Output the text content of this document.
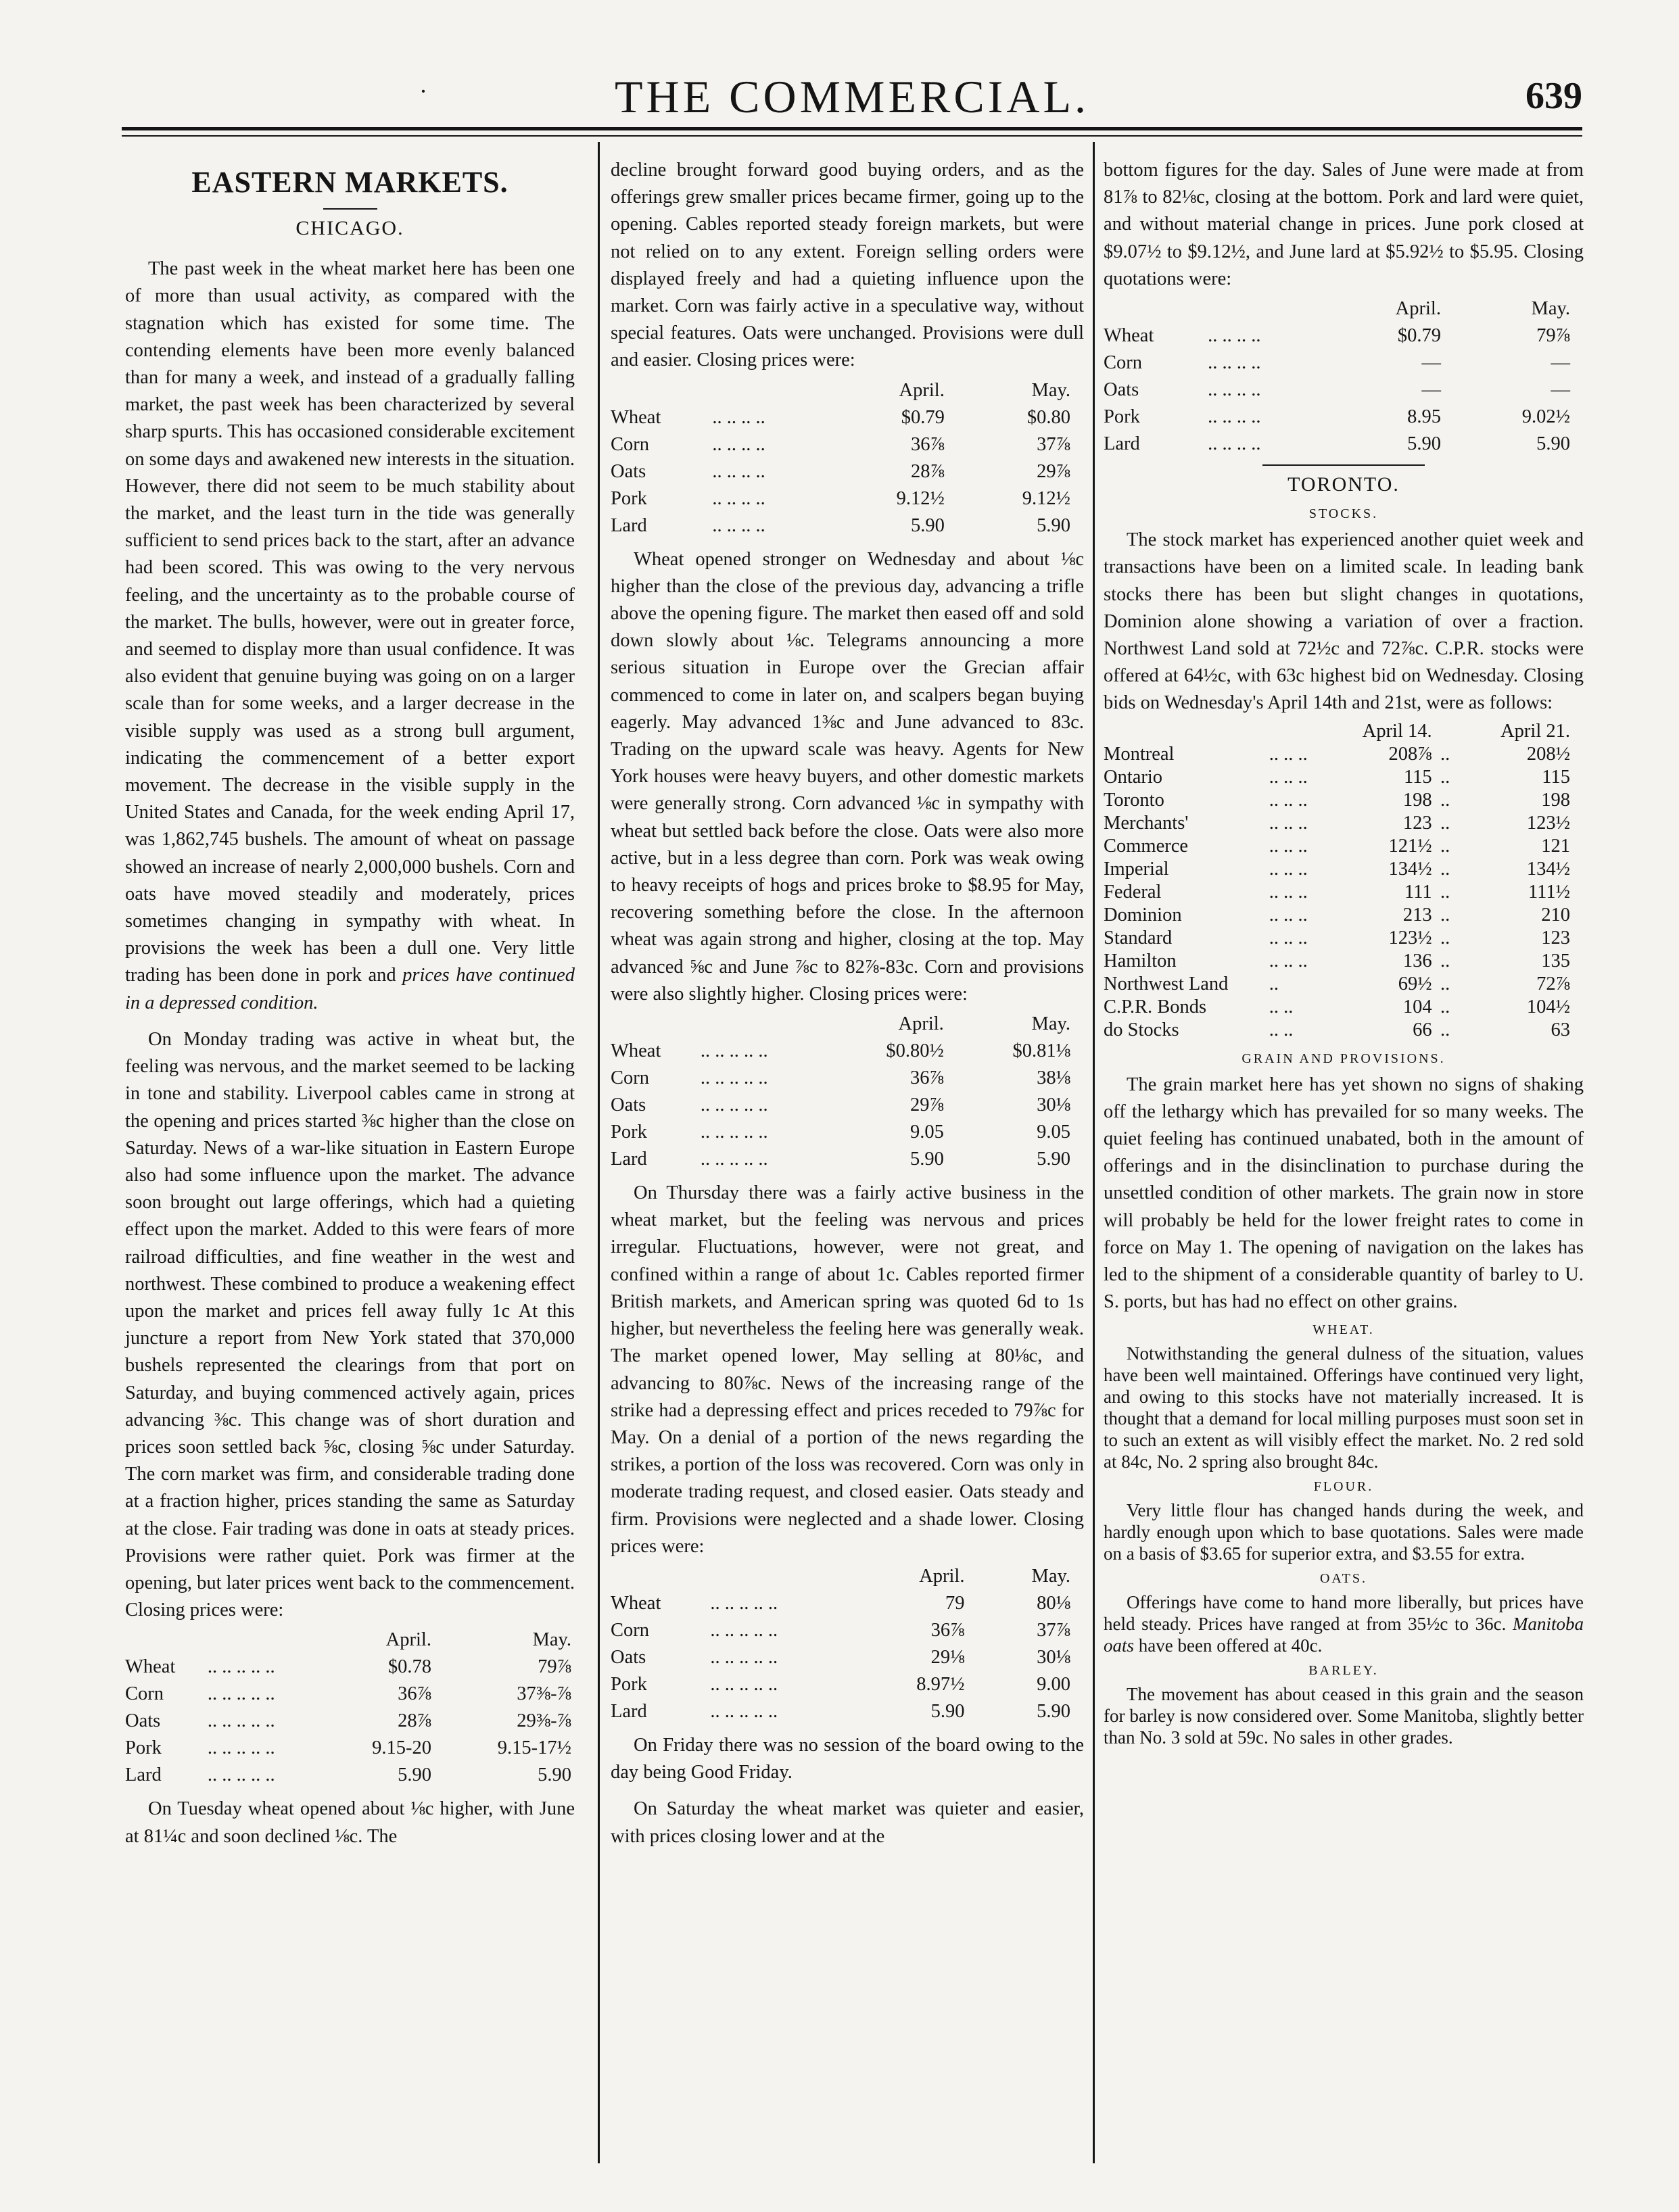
·	THE COMMERCIAL.	639
EASTERN MARKETS.
CHICAGO.

The past week in the wheat market here has been one of more than usual activity, as compared with the stagnation which has existed for some time. The contending elements have been more evenly balanced than for many a week, and instead of a gradually falling market, the past week has been characterized by several sharp spurts. This has occasioned considerable excitement on some days and awakened new interests in the situation. However, there did not seem to be much stability about the market, and the least turn in the tide was generally sufficient to send prices back to the start, after an advance had been scored. This was owing to the very nervous feeling, and the uncertainty as to the probable course of the market. The bulls, however, were out in greater force, and seemed to display more than usual confidence. It was also evident that genuine buying was going on on a larger scale than for some weeks, and a larger decrease in the visible supply was used as a strong bull argument, indicating the commencement of a better export movement. The decrease in the visible supply in the United States and Canada, for the week ending April 17, was 1,862,745 bushels. The amount of wheat on passage showed an increase of nearly 2,000,000 bushels. Corn and oats have moved steadily and moderately, prices sometimes changing in sympathy with wheat. In provisions the week has been a dull one. Very little trading has been done in pork and prices have continued in a depressed condition.

On Monday trading was active in wheat but, the feeling was nervous, and the market seemed to be lacking in tone and stability. Liverpool cables came in strong at the opening and prices started ⅜c higher than the close on Saturday. News of a war-like situation in Eastern Europe also had some influence upon the market. The advance soon brought out large offerings, which had a quieting effect upon the market. Added to this were fears of more railroad difficulties, and fine weather in the west and northwest. These combined to produce a weakening effect upon the market and prices fell away fully 1c At this juncture a report from New York stated that 370,000 bushels represented the clearings from that port on Saturday, and buying commenced actively again, prices advancing ⅜c. This change was of short duration and prices soon settled back ⅝c, closing ⅝c under Saturday. The corn market was firm, and considerable trading done at a fraction higher, prices standing the same as Saturday at the close. Fair trading was done in oats at steady prices. Provisions were rather quiet. Pork was firmer at the opening, but later prices went back to the commencement. Closing prices were:

		April.	May.
Wheat	.. .. .. .. ..	$0.78	79⅞
Corn	.. .. .. .. ..	36⅞	37⅜-⅞
Oats	.. .. .. .. ..	28⅞	29⅜-⅞
Pork	.. .. .. .. ..	9.15-20	9.15-17½
Lard	.. .. .. .. ..	5.90	5.90

On Tuesday wheat opened about ⅛c higher, with June at 81¼c and soon declined ⅛c. The

decline brought forward good buying orders, and as the offerings grew smaller prices became firmer, going up to the opening. Cables reported steady foreign markets, but were not relied on to any extent. Foreign selling orders were displayed freely and had a quieting influence upon the market. Corn was fairly active in a speculative way, without special features. Oats were unchanged. Provisions were dull and easier. Closing prices were:

		April.	May.
Wheat	.. .. .. ..	$0.79	$0.80
Corn	.. .. .. ..	36⅞	37⅞
Oats	.. .. .. ..	28⅞	29⅞
Pork	.. .. .. ..	9.12½	9.12½
Lard	.. .. .. ..	5.90	5.90

Wheat opened stronger on Wednesday and about ⅛c higher than the close of the previous day, advancing a trifle above the opening figure. The market then eased off and sold down slowly about ⅛c. Telegrams announcing a more serious situation in Europe over the Grecian affair commenced to come in later on, and scalpers began buying eagerly. May advanced 1⅜c and June advanced to 83c. Trading on the upward scale was heavy. Agents for New York houses were heavy buyers, and other domestic markets were generally strong. Corn advanced ⅛c in sympathy with wheat but settled back before the close. Oats were also more active, but in a less degree than corn. Pork was weak owing to heavy receipts of hogs and prices broke to $8.95 for May, recovering something before the close. In the afternoon wheat was again strong and higher, closing at the top. May advanced ⅝c and June ⅞c to 82⅞-83c. Corn and provisions were also slightly higher. Closing prices were:

		April.	May.
Wheat	.. .. .. .. ..	$0.80½	$0.81⅛
Corn	.. .. .. .. ..	36⅞	38⅛
Oats	.. .. .. .. ..	29⅞	30⅛
Pork	.. .. .. .. ..	9.05	9.05
Lard	.. .. .. .. ..	5.90	5.90

On Thursday there was a fairly active business in the wheat market, but the feeling was nervous and prices irregular. Fluctuations, however, were not great, and confined within a range of about 1c. Cables reported firmer British markets, and American spring was quoted 6d to 1s higher, but nevertheless the feeling here was generally weak. The market opened lower, May selling at 80⅛c, and advancing to 80⅞c. News of the increasing range of the strike had a depressing effect and prices receded to 79⅞c for May. On a denial of a portion of the news regarding the strikes, a portion of the loss was recovered. Corn was only in moderate trading request, and closed easier. Oats steady and firm. Provisions were neglected and a shade lower. Closing prices were:

		April.	May.
Wheat	.. .. .. .. ..	79	80⅛
Corn	.. .. .. .. ..	36⅞	37⅞
Oats	.. .. .. .. ..	29⅛	30⅛
Pork	.. .. .. .. ..	8.97½	9.00
Lard	.. .. .. .. ..	5.90	5.90

On Friday there was no session of the board owing to the day being Good Friday.

On Saturday the wheat market was quieter and easier, with prices closing lower and at the

bottom figures for the day. Sales of June were made at from 81⅞ to 82⅛c, closing at the bottom. Pork and lard were quiet, and without material change in prices. June pork closed at $9.07½ to $9.12½, and June lard at $5.92½ to $5.95. Closing quotations were:

		April.	May.
Wheat	.. .. .. ..	$0.79	79⅞
Corn	.. .. .. ..	—	—
Oats	.. .. .. ..	—	—
Pork	.. .. .. ..	8.95	9.02½
Lard	.. .. .. ..	5.90	5.90
TORONTO.
STOCKS.

The stock market has experienced another quiet week and transactions have been on a limited scale. In leading bank stocks there has been but slight changes in quotations, Dominion alone showing a variation of over a fraction. Northwest Land sold at 72½c and 72⅞c. C.P.R. stocks were offered at 64½c, with 63c highest bid on Wednesday. Closing bids on Wednesday's April 14th and 21st, were as follows:

		April 14.		April 21.
Montreal	.. .. ..	208⅞	..	208½
Ontario	.. .. ..	115	..	115
Toronto	.. .. ..	198	..	198
Merchants'	.. .. ..	123	..	123½
Commerce	.. .. ..	121½	..	121
Imperial	.. .. ..	134½	..	134½
Federal	.. .. ..	111	..	111½
Dominion	.. .. ..	213	..	210
Standard	.. .. ..	123½	..	123
Hamilton	.. .. ..	136	..	135
Northwest Land	..	69½	..	72⅞
C.P.R. Bonds	.. ..	104	..	104½
do Stocks	.. ..	66	..	63
GRAIN AND PROVISIONS.

The grain market here has yet shown no signs of shaking off the lethargy which has prevailed for so many weeks. The quiet feeling has continued unabated, both in the amount of offerings and in the disinclination to purchase during the unsettled condition of other markets. The grain now in store will probably be held for the lower freight rates to come in force on May 1. The opening of navigation on the lakes has led to the shipment of a considerable quantity of barley to U. S. ports, but has had no effect on other grains.

WHEAT.

Notwithstanding the general dulness of the situation, values have been well maintained. Offerings have continued very light, and owing to this stocks have not materially increased. It is thought that a demand for local milling purposes must soon set in to such an extent as will visibly effect the market. No. 2 red sold at 84c, No. 2 spring also brought 84c.

FLOUR.

Very little flour has changed hands during the week, and hardly enough upon which to base quotations. Sales were made on a basis of $3.65 for superior extra, and $3.55 for extra.

OATS.

Offerings have come to hand more liberally, but prices have held steady. Prices have ranged at from 35½c to 36c. Manitoba oats have been offered at 40c.

BARLEY.

The movement has about ceased in this grain and the season for barley is now considered over. Some Manitoba, slightly better than No. 3 sold at 59c. No sales in other grades.
